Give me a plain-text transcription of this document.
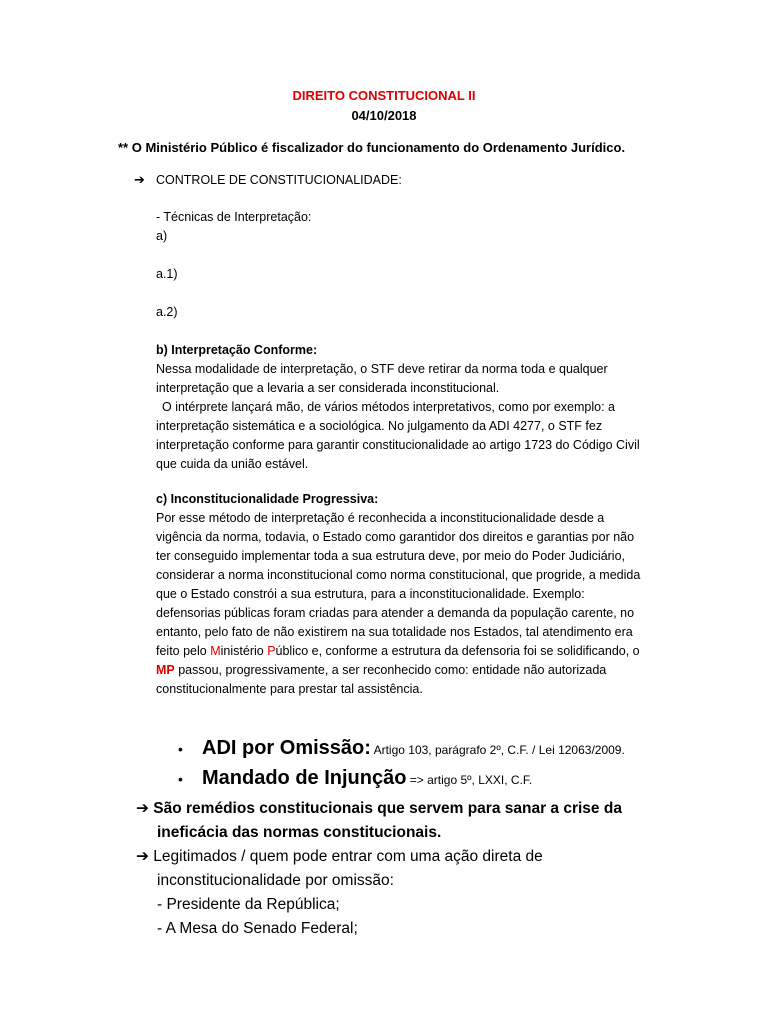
DIREITO CONSTITUCIONAL II
04/10/2018
** O Ministério Público é fiscalizador do funcionamento do Ordenamento Jurídico.
➔ CONTROLE DE CONSTITUCIONALIDADE:

- Técnicas de Interpretação:

a)

a.1)
a.2)

b) Interpretação Conforme:

Nessa modalidade de interpretação, o STF deve retirar da norma toda e qualquer interpretação que a levaria a ser considerada inconstitucional.

O intérprete lançará mão, de vários métodos interpretativos, como por exemplo: a interpretação sistemática e a sociológica. No julgamento da ADI 4277, o STF fez interpretação conforme para garantir constitucionalidade ao artigo 1723 do Código Civil que cuida da união estável.

c) Inconstitucionalidade Progressiva:

Por esse método de interpretação é reconhecida a inconstitucionalidade desde a vigência da norma, todavia, o Estado como garantidor dos direitos e garantias por não ter conseguido implementar toda a sua estrutura deve, por meio do Poder Judiciário, considerar a norma inconstitucional como norma constitucional, que progride, a medida que o Estado constrói a sua estrutura, para a inconstitucionalidade. Exemplo: defensorias públicas foram criadas para atender a demanda da população carente, no entanto, pelo fato de não existirem na sua totalidade nos Estados, tal atendimento era feito pelo Ministério Público e, conforme a estrutura da defensoria foi se solidificando, o MP passou, progressivamente, a ser reconhecido como: entidade não autorizada constitucionalmente para prestar tal assistência.

• ADI por Omissão: Artigo 103, parágrafo 2º, C.F. / Lei 12063/2009.
• Mandado de Injunção => artigo 5º, LXXI, C.F.
➔ São remédios constitucionais que servem para sanar a crise da
ineficácia das normas constitucionais.
➔ Legitimados / quem pode entrar com uma ação direta de
inconstitucionalidade por omissão:
- Presidente da República;
- A Mesa do Senado Federal;
